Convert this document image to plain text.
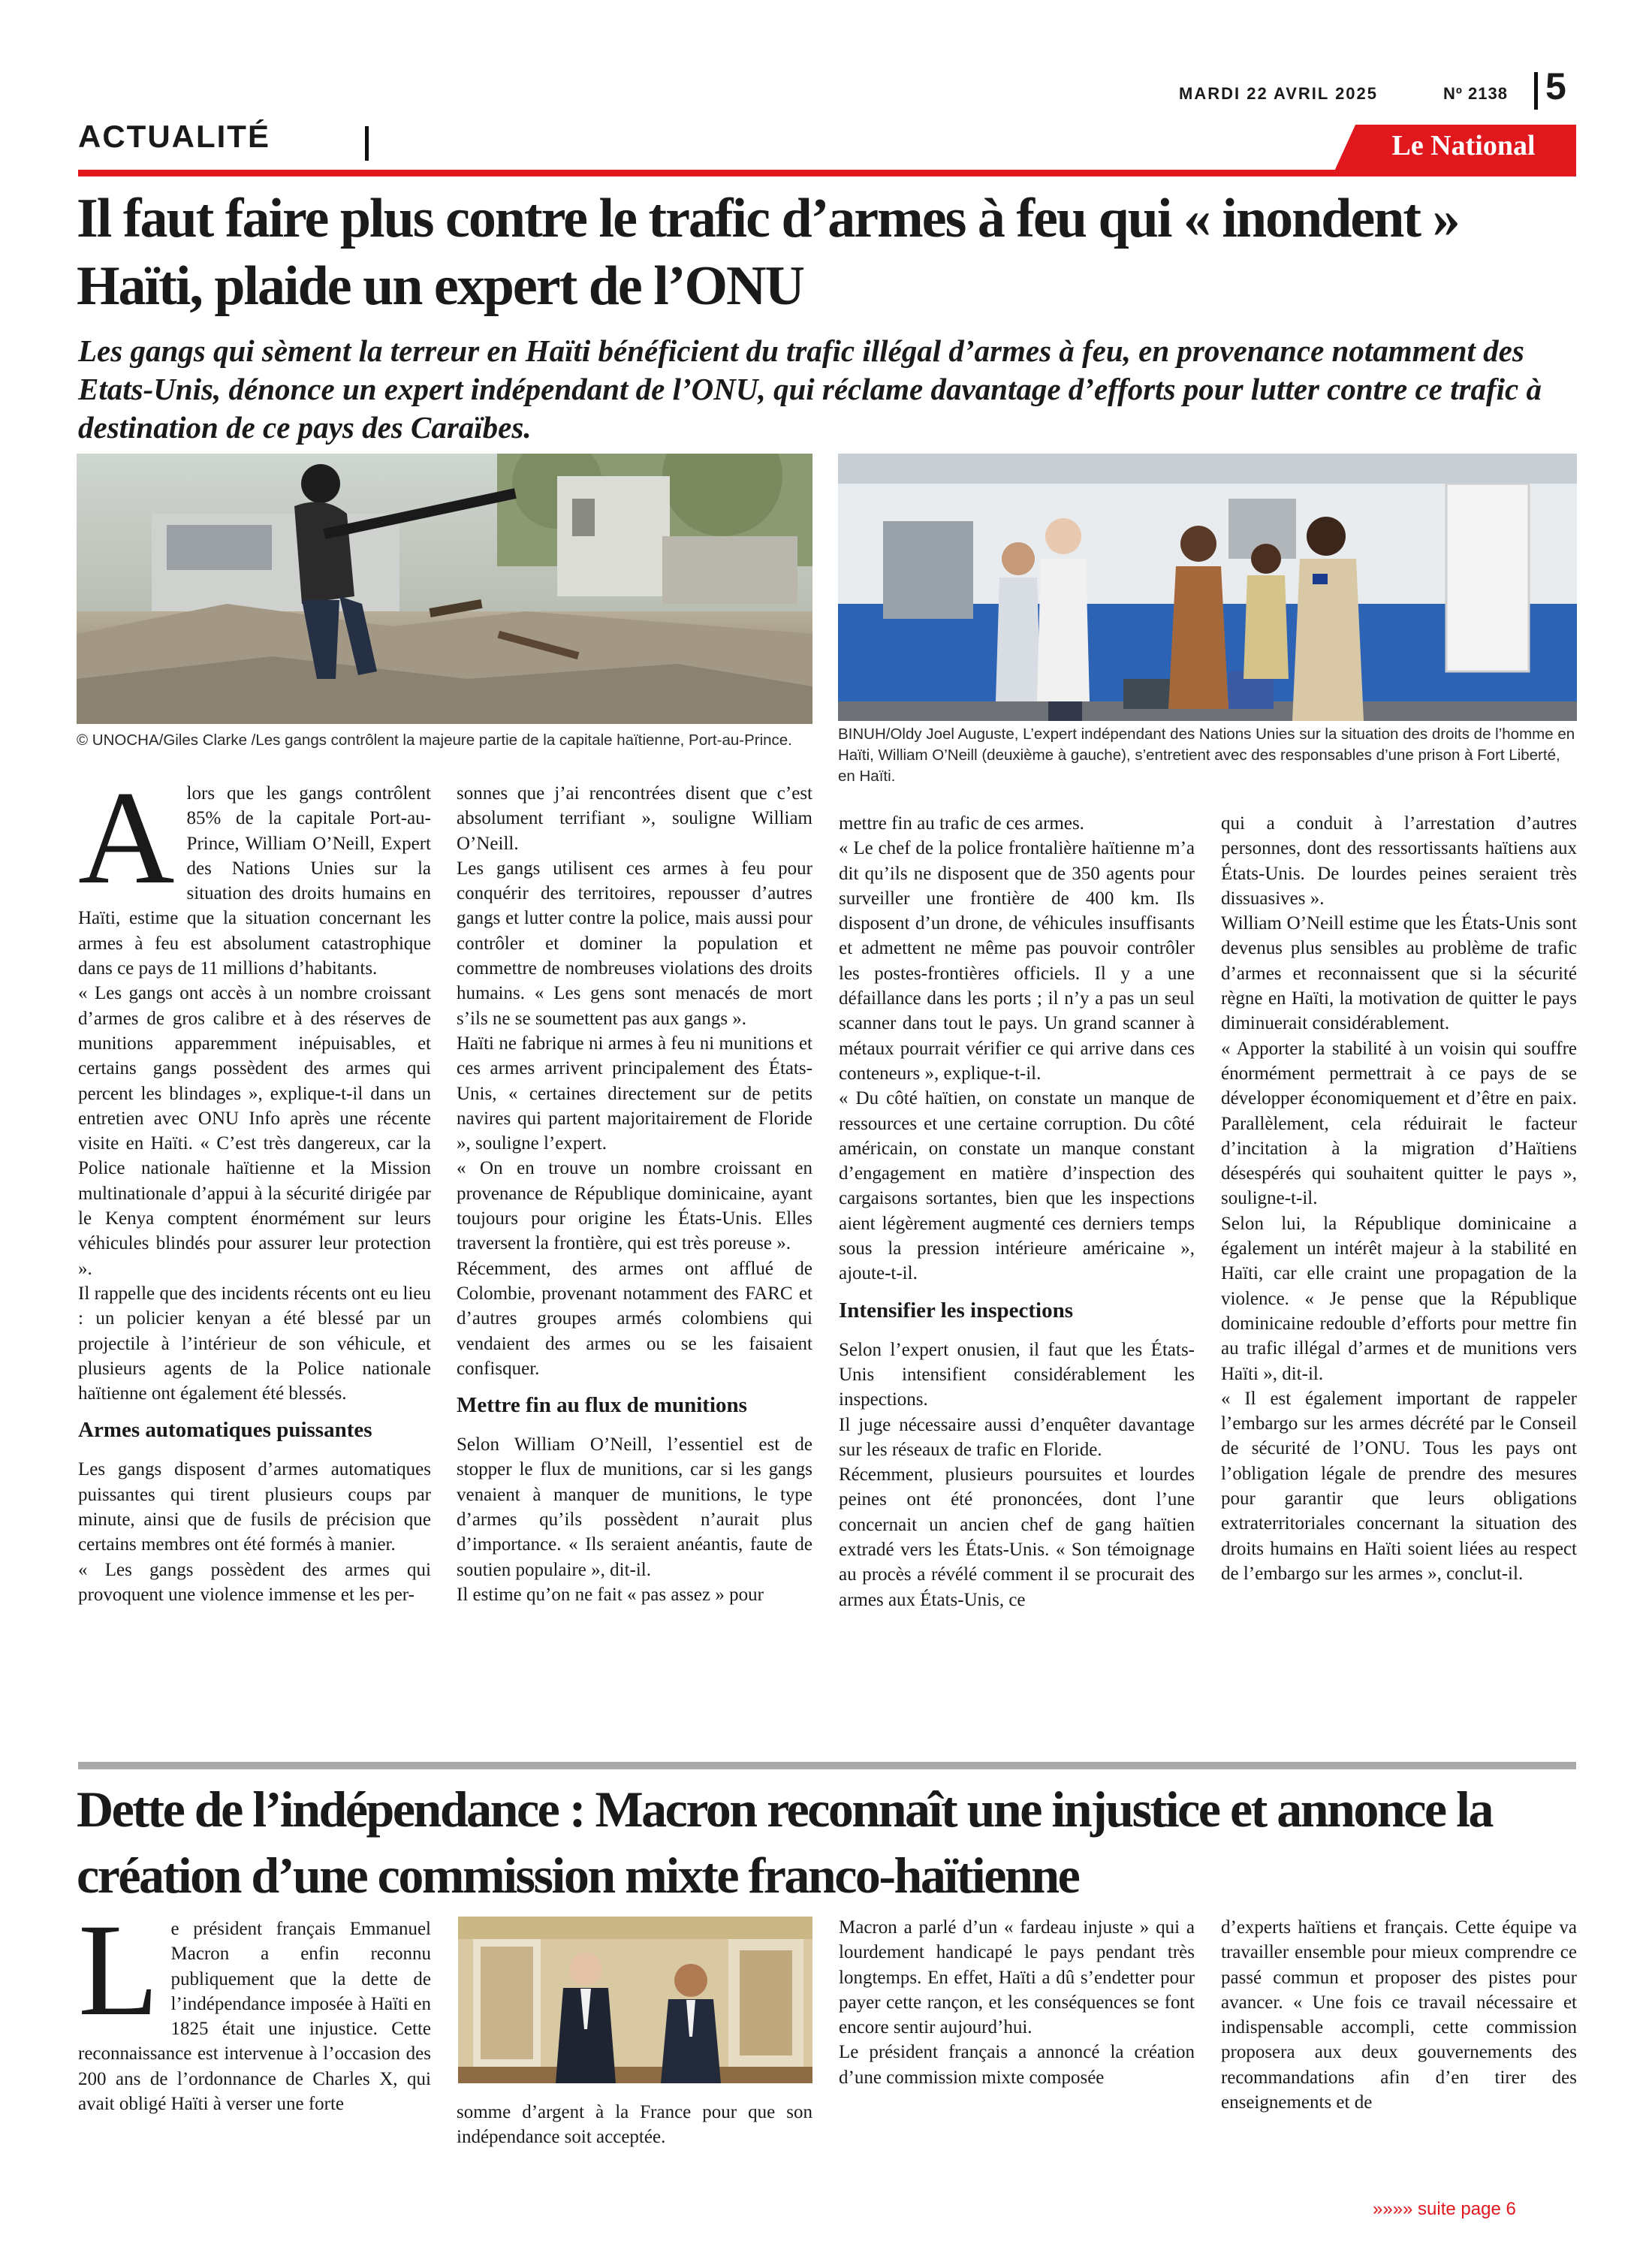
MARDI 22 AVRIL 2025	Nº 2138 5
ACTUALITÉ	Le National
Il faut faire plus contre le trafic d’armes à feu qui « inondent » Haïti, plaide un expert de l’ONU

Les gangs qui sèment la terreur en Haïti bénéficient du trafic illégal d’armes à feu, en provenance notamment des Etats-Unis, dénonce un expert indépendant de l’ONU, qui réclame davantage d’efforts pour lutter contre ce trafic à destination de ce pays des Caraïbes.

© UNOCHA/Giles Clarke /Les gangs contrôlent la majeure partie de la capitale haïtienne, Port-au-Prince.	BINUH/Oldy Joel Auguste, L’expert indépendant des Nations Unies sur la situation des droits de l’homme en Haïti, William O’Neill (deuxième à gauche), s’entretient avec des responsables d’une prison à Fort Liberté, en Haïti.

Alors que les gangs contrôlent 85% de la capitale Port-au-Prince, William O’Neill, Expert des Nations Unies sur la situation des droits humains en Haïti, estime que la situation concernant les armes à feu est absolument catastrophique dans ce pays de 11 millions d’habitants.

« Les gangs ont accès à un nombre croissant d’armes de gros calibre et à des réserves de munitions apparemment inépuisables, et certains gangs possèdent des armes qui percent les blindages », explique-t-il dans un entretien avec ONU Info après une récente visite en Haïti. « C’est très dangereux, car la Police nationale haïtienne et la Mission multinationale d’appui à la sécurité dirigée par le Kenya comptent énormément sur leurs véhicules blindés pour assurer leur protection ».

Il rappelle que des incidents récents ont eu lieu : un policier kenyan a été blessé par un projectile à l’intérieur de son véhicule, et plusieurs agents de la Police nationale haïtienne ont également été blessés.

Armes automatiques puissantes

Les gangs disposent d’armes automatiques puissantes qui tirent plusieurs coups par minute, ainsi que de fusils de précision que certains membres ont été formés à manier.

« Les gangs possèdent des armes qui provoquent une violence immense et les per-

sonnes que j’ai rencontrées disent que c’est absolument terrifiant », souligne William O’Neill.

Les gangs utilisent ces armes à feu pour conquérir des territoires, repousser d’autres gangs et lutter contre la police, mais aussi pour contrôler et dominer la population et commettre de nombreuses violations des droits humains. « Les gens sont menacés de mort s’ils ne se soumettent pas aux gangs ».

Haïti ne fabrique ni armes à feu ni munitions et ces armes arrivent principalement des États-Unis, « certaines directement sur de petits navires qui partent majoritairement de Floride », souligne l’expert.

« On en trouve un nombre croissant en provenance de République dominicaine, ayant toujours pour origine les États-Unis. Elles traversent la frontière, qui est très poreuse ».

Récemment, des armes ont afflué de Colombie, provenant notamment des FARC et d’autres groupes armés colombiens qui vendaient des armes ou se les faisaient confisquer.

Mettre fin au flux de munitions

Selon William O’Neill, l’essentiel est de stopper le flux de munitions, car si les gangs venaient à manquer de munitions, le type d’armes qu’ils possèdent n’aurait plus d’importance. « Ils seraient anéantis, faute de soutien populaire », dit-il.

Il estime qu’on ne fait « pas assez » pour

mettre fin au trafic de ces armes.

« Le chef de la police frontalière haïtienne m’a dit qu’ils ne disposent que de 350 agents pour surveiller une frontière de 400 km. Ils disposent d’un drone, de véhicules insuffisants et admettent ne même pas pouvoir contrôler les postes-frontières officiels. Il y a une défaillance dans les ports ; il n’y a pas un seul scanner dans tout le pays. Un grand scanner à métaux pourrait vérifier ce qui arrive dans ces conteneurs », explique-t-il.

« Du côté haïtien, on constate un manque de ressources et une certaine corruption. Du côté américain, on constate un manque constant d’engagement en matière d’inspection des cargaisons sortantes, bien que les inspections aient légèrement augmenté ces derniers temps sous la pression intérieure américaine », ajoute-t-il.

Intensifier les inspections

Selon l’expert onusien, il faut que les États-Unis intensifient considérablement les inspections.

Il juge nécessaire aussi d’enquêter davantage sur les réseaux de trafic en Floride.

Récemment, plusieurs poursuites et lourdes peines ont été prononcées, dont l’une concernait un ancien chef de gang haïtien extradé vers les États-Unis. « Son témoignage au procès a révélé comment il se procurait des armes aux États-Unis, ce

qui a conduit à l’arrestation d’autres personnes, dont des ressortissants haïtiens aux États-Unis. De lourdes peines seraient très dissuasives ».

William O’Neill estime que les États-Unis sont devenus plus sensibles au problème de trafic d’armes et reconnaissent que si la sécurité règne en Haïti, la motivation de quitter le pays diminuerait considérablement.

« Apporter la stabilité à un voisin qui souffre énormément permettrait à ce pays de se développer économiquement et d’être en paix. Parallèlement, cela réduirait le facteur d’incitation à la migration d’Haïtiens désespérés qui souhaitent quitter le pays », souligne-t-il.

Selon lui, la République dominicaine a également un intérêt majeur à la stabilité en Haïti, car elle craint une propagation de la violence. « Je pense que la République dominicaine redouble d’efforts pour mettre fin au trafic illégal d’armes et de munitions vers Haïti », dit-il.

« Il est également important de rappeler l’embargo sur les armes décrété par le Conseil de sécurité de l’ONU. Tous les pays ont l’obligation légale de prendre des mesures pour garantir que leurs obligations extraterritoriales concernant la situation des droits humains en Haïti soient liées au respect de l’embargo sur les armes », conclut-il.

Dette de l’indépendance : Macron reconnaît une injustice et annonce la création d’une commission mixte franco-haïtienne

Le président français Emmanuel Macron a enfin reconnu publiquement que la dette de l’indépendance imposée à Haïti en 1825 était une injustice. Cette reconnaissance est intervenue à l’occasion des 200 ans de l’ordonnance de Charles X, qui avait obligé Haïti à verser une forte	somme d’argent à la France pour que son indépendance soit acceptée.

Macron a parlé d’un « fardeau injuste » qui a lourdement handicapé le pays pendant très longtemps. En effet, Haïti a dû s’endetter pour payer cette rançon, et les conséquences se font encore sentir aujourd’hui.

Le président français a annoncé la création d’une commission mixte composée

d’experts haïtiens et français. Cette équipe va travailler ensemble pour mieux comprendre ce passé commun et proposer des pistes pour avancer. « Une fois ce travail nécessaire et indispensable accompli, cette commission proposera aux deux gouvernements des recommandations afin d’en tirer des enseignements et de

»»»» suite page 6
